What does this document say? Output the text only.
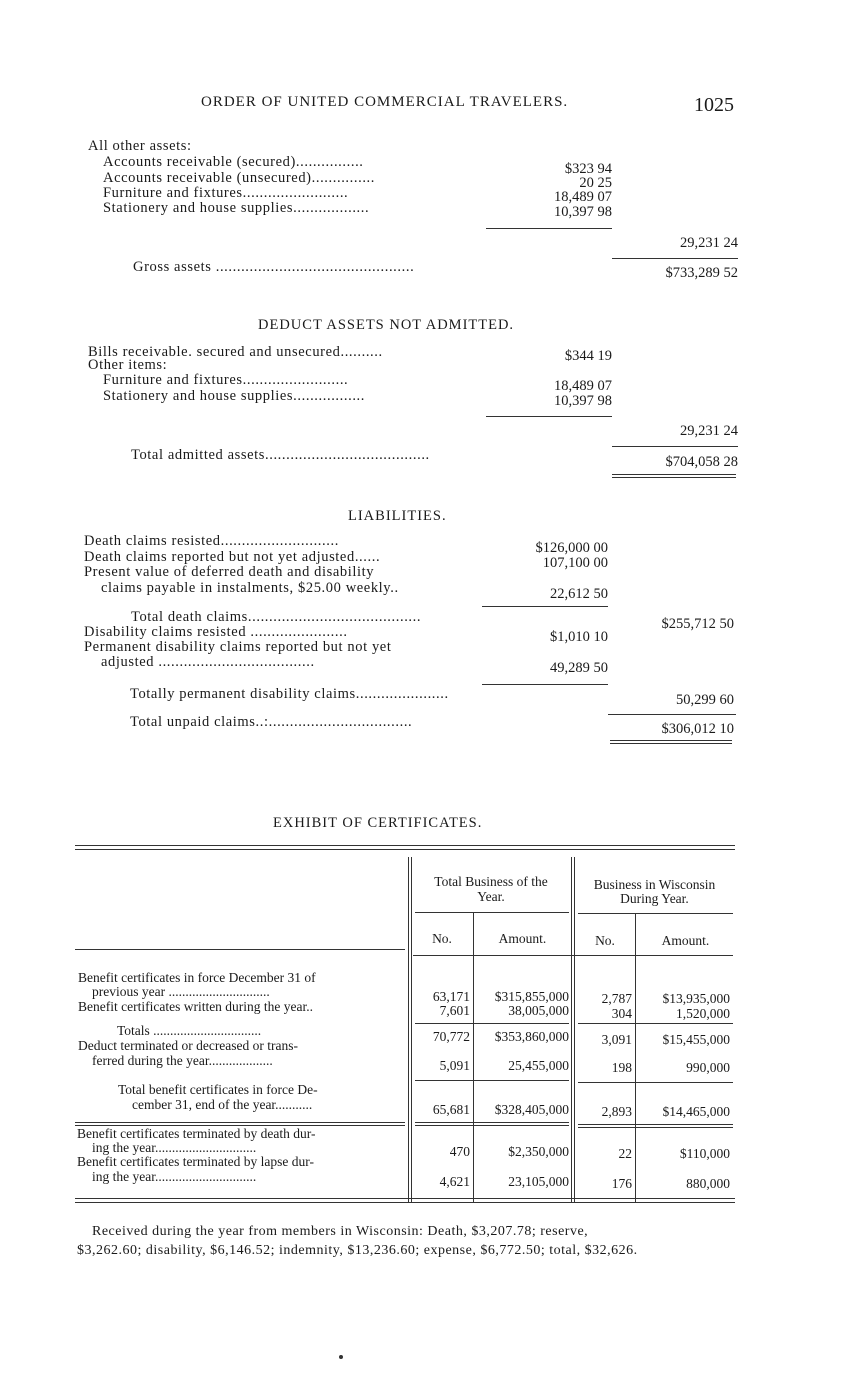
ORDER OF UNITED COMMERCIAL TRAVELERS.	1025
All other assets:
Accounts receivable (secured)................	$323 94
Accounts receivable (unsecured)...............	20 25
Furniture and fixtures.........................	18,489 07
Stationery and house supplies..................	10,397 98
29,231 24
Gross assets ...............................................	$733,289 52
DEDUCT ASSETS NOT ADMITTED.
Bills receivable. secured and unsecured..........	$344 19
Other items:
Furniture and fixtures.........................	18,489 07
Stationery and house supplies.................	10,397 98
29,231 24
Total admitted assets.......................................	$704,058 28
LIABILITIES.
Death claims resisted............................	$126,000 00
Death claims reported but not yet adjusted......	107,100 00
Present value of deferred death and disability
claims payable in instalments, $25.00 weekly..	22,612 50
Total death claims.........................................	$255,712 50
Disability claims resisted .......................	$1,010 10
Permanent disability claims reported but not yet
adjusted .....................................	49,289 50
Totally permanent disability claims......................	50,299 60
Total unpaid claims..:..................................	$306,012 10
EXHIBIT OF CERTIFICATES.
Total Business of the
Year.
Business in Wisconsin
During Year.
No.	Amount.	No.	Amount.
Benefit certificates in force December 31 of
previous year ..............................	63,171	$315,855,000	2,787	$13,935,000
Benefit certificates written during the year..	7,601	38,005,000	304	1,520,000
Totals ................................	70,772	$353,860,000	3,091	$15,455,000
Deduct terminated or decreased or trans-
ferred during the year...................	5,091	25,455,000	198	990,000
Total benefit certificates in force De-
cember 31, end of the year...........	65,681	$328,405,000	2,893	$14,465,000
Benefit certificates terminated by death dur-
ing the year..............................	470	$2,350,000	22	$110,000
Benefit certificates terminated by lapse dur-
ing the year..............................	4,621	23,105,000	176	880,000
Received during the year from members in Wisconsin: Death, $3,207.78; reserve,
$3,262.60; disability, $6,146.52; indemnity, $13,236.60; expense, $6,772.50; total, $32,626.
